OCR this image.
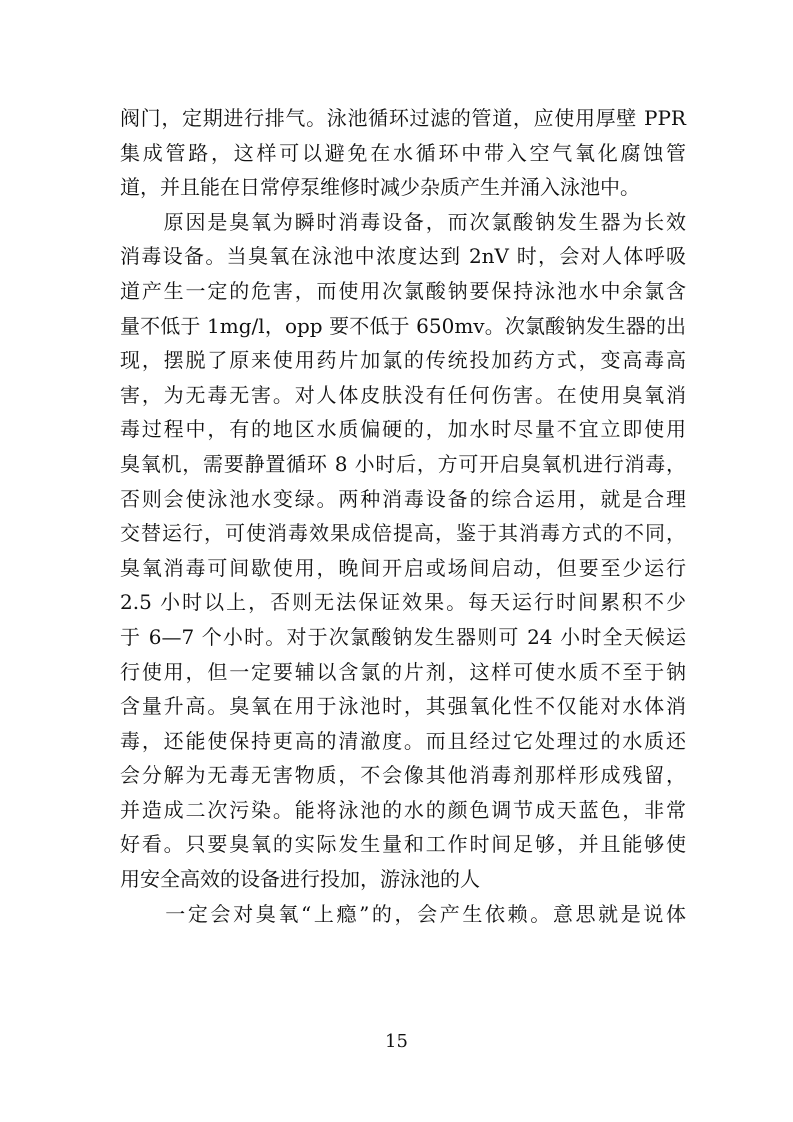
阀门，定期进行排气。泳池循环过滤的管道，应使用厚壁 PPR
集成管路，这样可以避免在水循环中带入空气氧化腐蚀管
道，并且能在日常停泵维修时减少杂质产生并涌入泳池中。
　　原因是臭氧为瞬时消毒设备，而次氯酸钠发生器为长效
消毒设备。当臭氧在泳池中浓度达到 2nV 时，会对人体呼吸
道产生一定的危害，而使用次氯酸钠要保持泳池水中余氯含
量不低于 1mg/l，opp 要不低于 650mv。次氯酸钠发生器的出
现，摆脱了原来使用药片加氯的传统投加药方式，变高毒高
害，为无毒无害。对人体皮肤没有任何伤害。在使用臭氧消
毒过程中，有的地区水质偏硬的，加水时尽量不宜立即使用
臭氧机，需要静置循环 8 小时后，方可开启臭氧机进行消毒，
否则会使泳池水变绿。两种消毒设备的综合运用，就是合理
交替运行，可使消毒效果成倍提高，鉴于其消毒方式的不同，
臭氧消毒可间歇使用，晚间开启或场间启动，但要至少运行
2.5 小时以上，否则无法保证效果。每天运行时间累积不少
于 6—7 个小时。对于次氯酸钠发生器则可 24 小时全天候运
行使用，但一定要辅以含氯的片剂，这样可使水质不至于钠
含量升高。臭氧在用于泳池时，其强氧化性不仅能对水体消
毒，还能使保持更高的清澈度。而且经过它处理过的水质还
会分解为无毒无害物质，不会像其他消毒剂那样形成残留，
并造成二次污染。能将泳池的水的颜色调节成天蓝色，非常
好看。只要臭氧的实际发生量和工作时间足够，并且能够使
用安全高效的设备进行投加，游泳池的人
　　一定会对臭氧“上瘾”的，会产生依赖。意思就是说体
15
